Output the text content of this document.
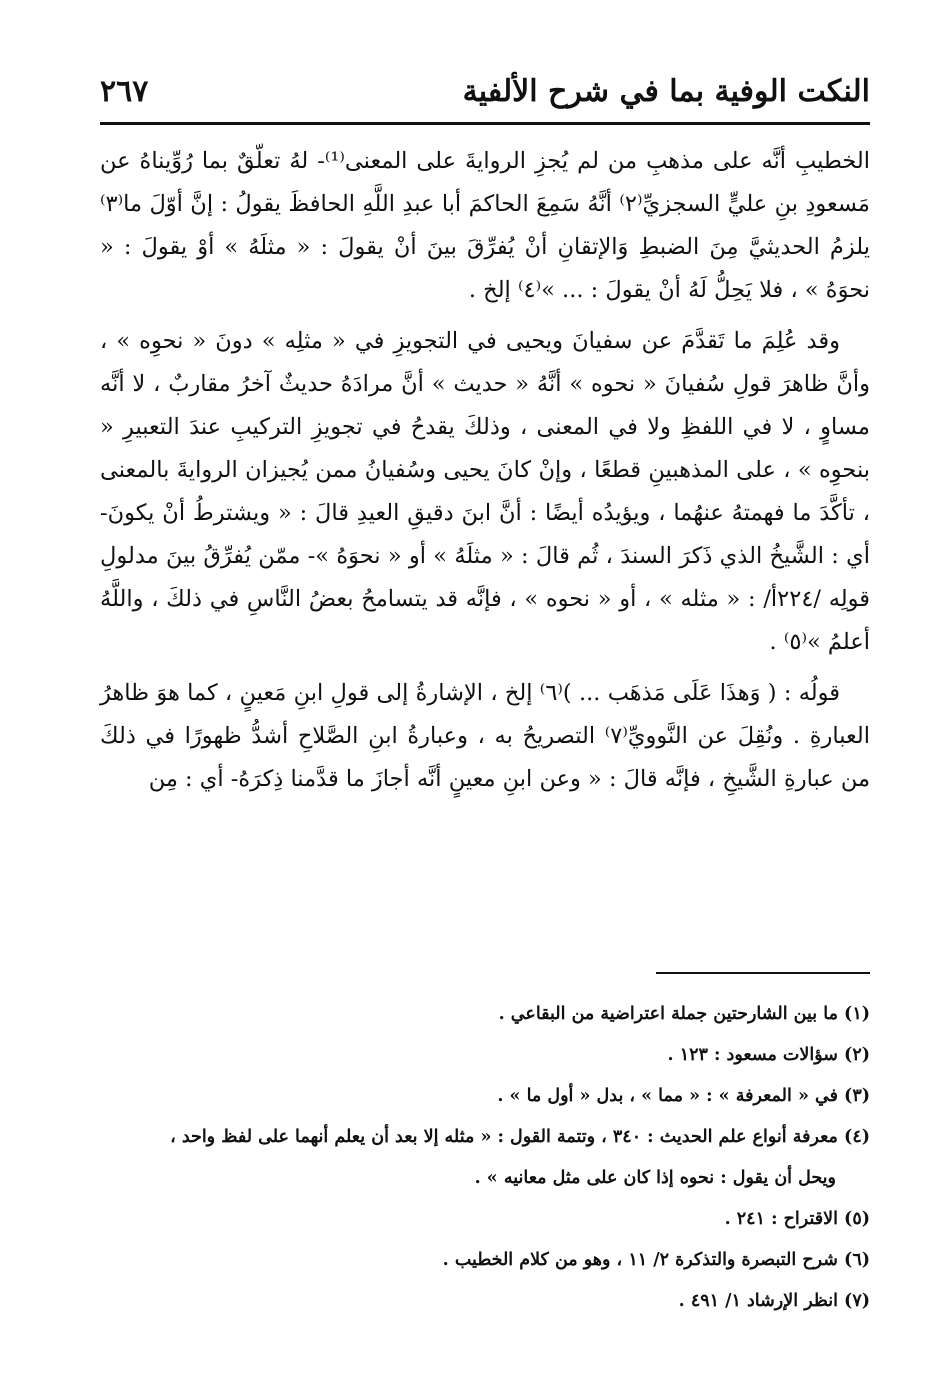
النكت الوفية بما في شرح الألفية
٢٦٧

الخطيبِ أنَّه على مذهبِ من لم يُجزِ الروايةَ على المعنى⁽¹⁾- لهُ تعلّقٌ بما رُوِّيناهُ عن مَسعودِ بنِ عليٍّ السجزيِّ⁽٢⁾ أنَّهُ سَمِعَ الحاكمَ أبا عبدِ اللَّهِ الحافظَ يقولُ : إنَّ أوّلَ ما⁽٣⁾ يلزمُ الحديثيَّ مِنَ الضبطِ وَالإتقانِ أنْ يُفرِّقَ بينَ أنْ يقولَ : « مثلَهُ » أوْ يقولَ : « نحوَهُ » ، فلا يَحِلُّ لَهُ أنْ يقولَ : ... »⁽٤⁾ إلخ .

وقد عُلِمَ ما تَقدَّمَ عن سفيانَ ويحيى في التجويزِ في « مثلِه » دونَ « نحوِه » ، وأنَّ ظاهرَ قولِ سُفيانَ « نحوه » أنَّهُ « حديث » أنَّ مرادَهُ حديثٌ آخرُ مقاربٌ ، لا أنَّه مساوٍ ، لا في اللفظِ ولا في المعنى ، وذلكَ يقدحُ في تجويزِ التركيبِ عندَ التعبيرِ « بنحوِه » ، على المذهبينِ قطعًا ، وإنْ كانَ يحيى وسُفيانُ ممن يُجيزان الروايةَ بالمعنى ، تأكَّدَ ما فهمتهُ عنهُما ، ويؤيدُه أيضًا : أنَّ ابنَ دقيقِ العيدِ قالَ : « ويشترطُ أنْ يكونَ- أي : الشَّيخُ الذي ذَكرَ السندَ ، ثُم قالَ : « مثلَهُ » أو « نحوَهُ »- ممّن يُفرِّقُ بينَ مدلولِ قولِه /٢٢٤أ/ : « مثله » ، أو « نحوه » ، فإنَّه قد يتسامحُ بعضُ النَّاسِ في ذلكَ ، واللَّهُ أعلمُ »⁽٥⁾ .

قولُه : ( وَهذَا عَلَى مَذهَب ... )⁽٦⁾ إلخ ، الإشارةُ إلى قولِ ابنِ مَعينٍ ، كما هوَ ظاهرُ العبارةِ . ونُقِلَ عن النَّوويِّ⁽٧⁾ التصريحُ به ، وعبارةُ ابنِ الصَّلاحِ أشدُّ ظهورًا في ذلكَ من عبارةِ الشَّيخِ ، فإنَّه قالَ : « وعن ابنِ معينٍ أنَّه أجازَ ما قدَّمنا ذِكرَهُ- أي : مِن

(١) ما بين الشارحتين جملة اعتراضية من البقاعي .
(٢) سؤالات مسعود : ١٢٣ .
(٣) في « المعرفة » : « مما » ، بدل « أول ما » .
(٤) معرفة أنواع علم الحديث : ٣٤٠ ، وتتمة القول : « مثله إلا بعد أن يعلم أنهما على لفظ واحد ،
ويحل أن يقول : نحوه إذا كان على مثل معانيه » .
(٥) الاقتراح : ٢٤١ .
(٦) شرح التبصرة والتذكرة ٢/ ١١ ، وهو من كلام الخطيب .
(٧) انظر الإرشاد ١/ ٤٩١ .
